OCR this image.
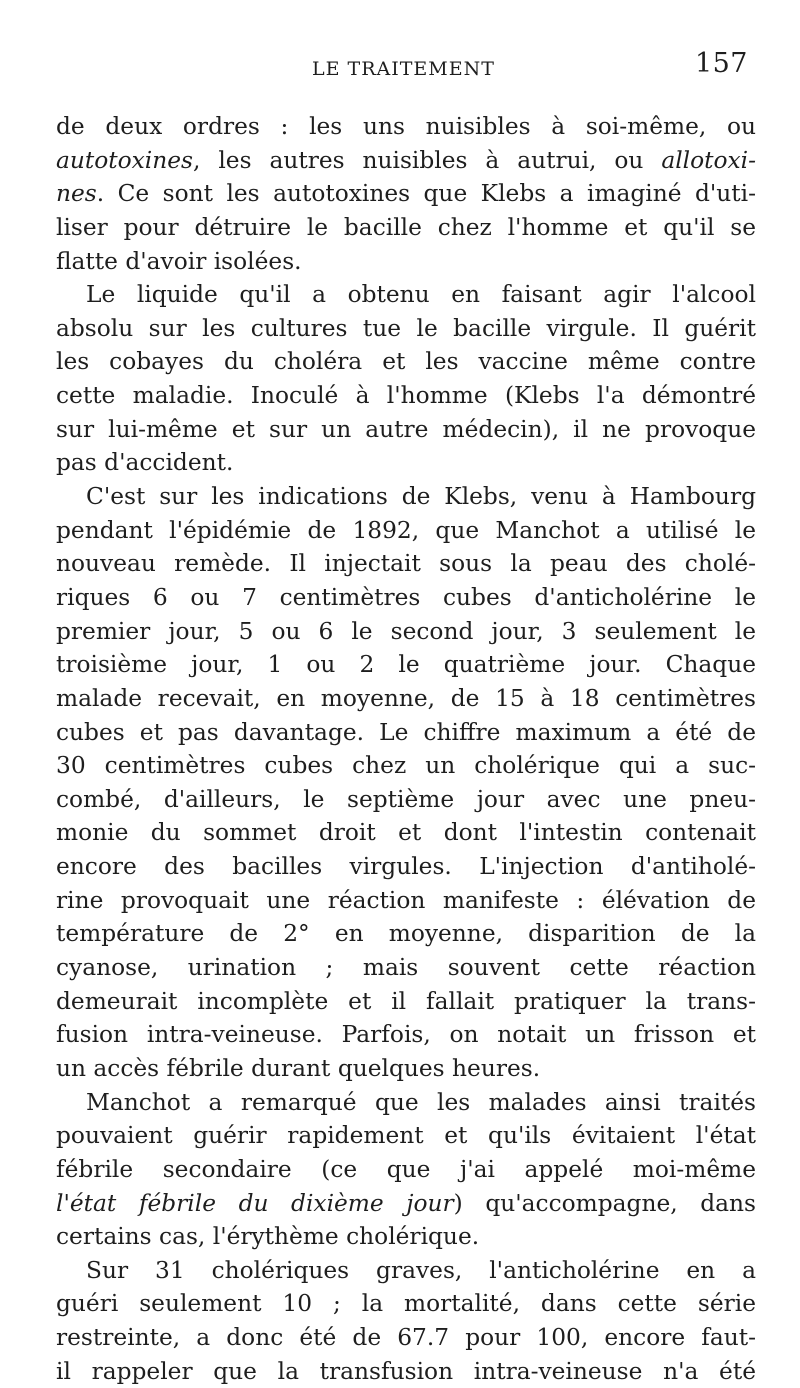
LE TRAITEMENT	157
de deux ordres : les uns nuisibles à soi-même, ou
autotoxines, les autres nuisibles à autrui, ou allotoxi-
nes. Ce sont les autotoxines que Klebs a imaginé d'uti-
liser pour détruire le bacille chez l'homme et qu'il se
flatte d'avoir isolées.
Le liquide qu'il a obtenu en faisant agir l'alcool
absolu sur les cultures tue le bacille virgule. Il guérit
les cobayes du choléra et les vaccine même contre
cette maladie. Inoculé à l'homme (Klebs l'a démontré
sur lui-même et sur un autre médecin), il ne provoque
pas d'accident.
C'est sur les indications de Klebs, venu à Hambourg
pendant l'épidémie de 1892, que Manchot a utilisé le
nouveau remède. Il injectait sous la peau des cholé-
riques 6 ou 7 centimètres cubes d'anticholérine le
premier jour, 5 ou 6 le second jour, 3 seulement le
troisième jour, 1 ou 2 le quatrième jour. Chaque
malade recevait, en moyenne, de 15 à 18 centimètres
cubes et pas davantage. Le chiffre maximum a été de
30 centimètres cubes chez un cholérique qui a suc-
combé, d'ailleurs, le septième jour avec une pneu-
monie du sommet droit et dont l'intestin contenait
encore des bacilles virgules. L'injection d'antiholé-
rine provoquait une réaction manifeste : élévation de
température de 2° en moyenne, disparition de la
cyanose, urination ; mais souvent cette réaction
demeurait incomplète et il fallait pratiquer la trans-
fusion intra-veineuse. Parfois, on notait un frisson et
un accès fébrile durant quelques heures.
Manchot a remarqué que les malades ainsi traités
pouvaient guérir rapidement et qu'ils évitaient l'état
fébrile secondaire (ce que j'ai appelé moi-même
l'état fébrile du dixième jour) qu'accompagne, dans
certains cas, l'érythème cholérique.
Sur 31 cholériques graves, l'anticholérine en a
guéri seulement 10 ; la mortalité, dans cette série
restreinte, a donc été de 67.7 pour 100, encore faut-
il rappeler que la transfusion intra-veineuse n'a été
